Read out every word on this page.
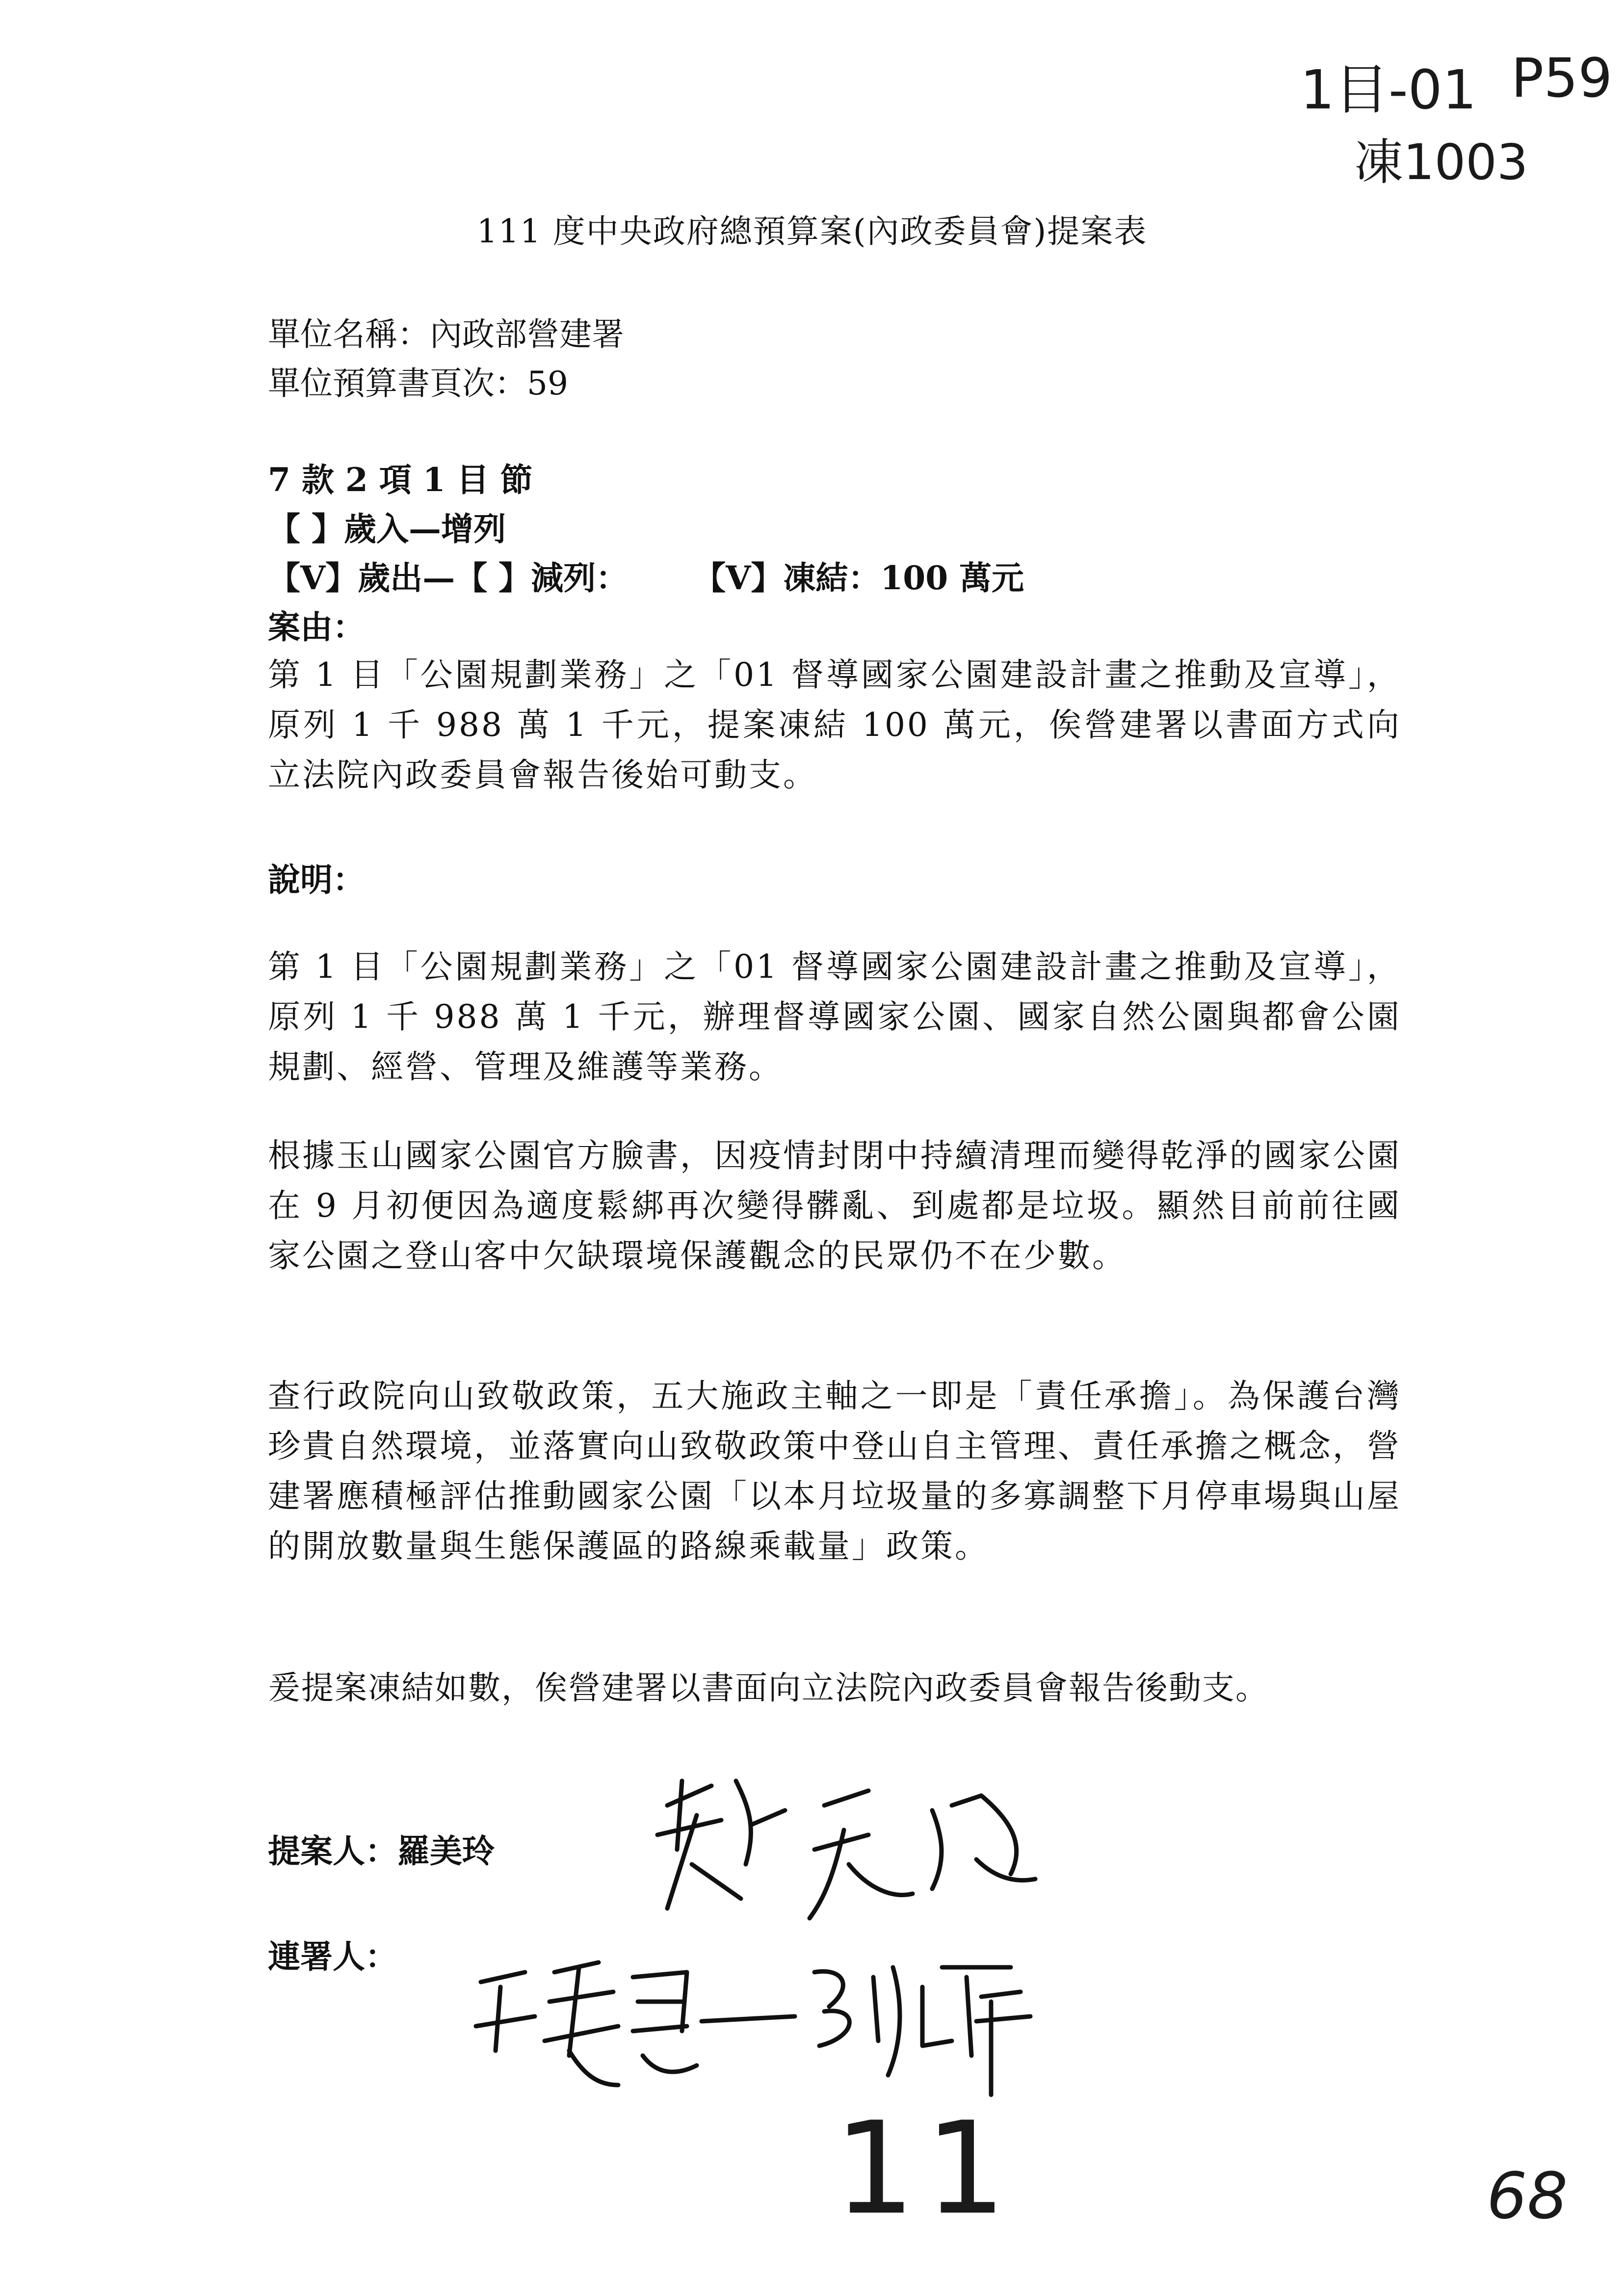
1目-01 P59
凍1003
111 度中央政府總預算案(內政委員會)提案表
單位名稱：內政部營建署
單位預算書頁次：59
7 款 2 項 1 目 節
【 】歲入—增列
【V】歲出—【 】減列： 【V】凍結：100 萬元
案由：
第 1 目「公園規劃業務」之「01 督導國家公園建設計畫之推動及宣導」，原列 1 千 988 萬 1 千元，提案凍結 100 萬元，俟營建署以書面方式向立法院內政委員會報告後始可動支。
說明：
第 1 目「公園規劃業務」之「01 督導國家公園建設計畫之推動及宣導」，原列 1 千 988 萬 1 千元，辦理督導國家公園、國家自然公園與都會公園規劃、經營、管理及維護等業務。
根據玉山國家公園官方臉書，因疫情封閉中持續清理而變得乾淨的國家公園在 9 月初便因為適度鬆綁再次變得髒亂、到處都是垃圾。顯然目前前往國家公園之登山客中欠缺環境保護觀念的民眾仍不在少數。
查行政院向山致敬政策，五大施政主軸之一即是「責任承擔」。為保護台灣珍貴自然環境，並落實向山致敬政策中登山自主管理、責任承擔之概念，營建署應積極評估推動國家公園「以本月垃圾量的多寡調整下月停車場與山屋的開放數量與生態保護區的路線乘載量」政策。
爰提案凍結如數，俟營建署以書面向立法院內政委員會報告後動支。
提案人：羅美玲
連署人：
11	68
